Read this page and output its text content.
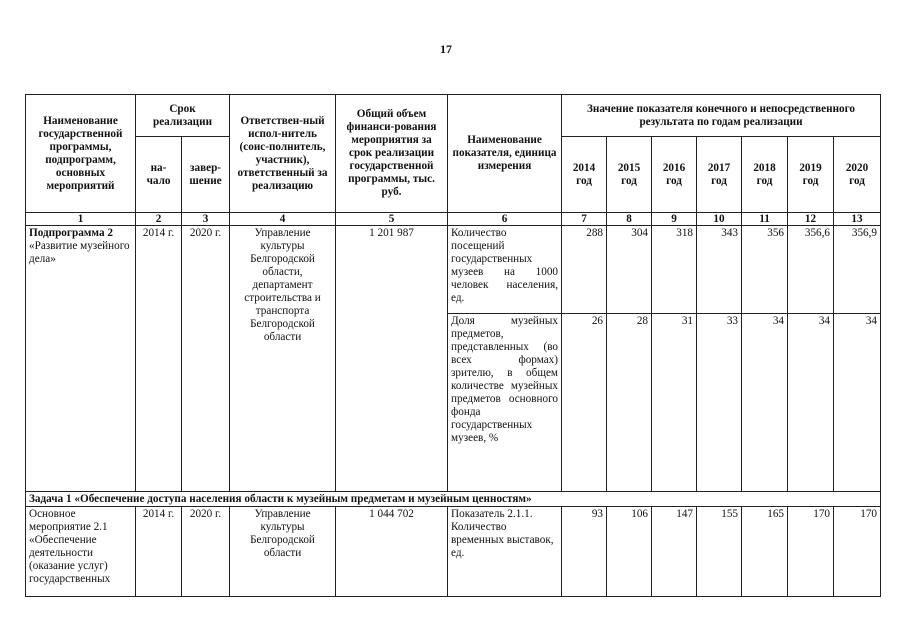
17
Наименование государственной программы, подпрограмм, основных мероприятий	Срок реализации		Ответствен-ный испол-нитель (соис-полнитель, участник), ответственный за реализацию	Общий объем финанси-рования мероприятия за срок реализации государственной программы, тыс. руб.	Наименование показателя, единица измерения	Значение показателя конечного и непосредственного результата по годам реализации						
	на-чало	завер-шение				2014 год	2015 год	2016 год	2017 год	2018 год	2019 год	2020 год
1	2	3	4	5	6	7	8	9	10	11	12	13
Подпрограмма 2 «Развитие музейного дела»	2014 г.	2020 г.	Управление культуры Белгородской области, департамент строительства и транспорта Белгородской области	1 201 987	Количество посещений государственных музеев на 1000 человек населения, ед.	288	304	318	343	356	356,6	356,9
					Доля музейных предметов, представленных (во всех формах) зрителю, в общем количестве музейных предметов основного фонда государственных музеев, %	26	28	31	33	34	34	34
Задача 1 «Обеспечение доступа населения области к музейным предметам и музейным ценностям»												
Основное мероприятие 2.1 «Обеспечение деятельности (оказание услуг) государственных	2014 г.	2020 г.	Управление культуры Белгородской области	1 044 702	Показатель 2.1.1. Количество временных выставок, ед.	93	106	147	155	165	170	170
